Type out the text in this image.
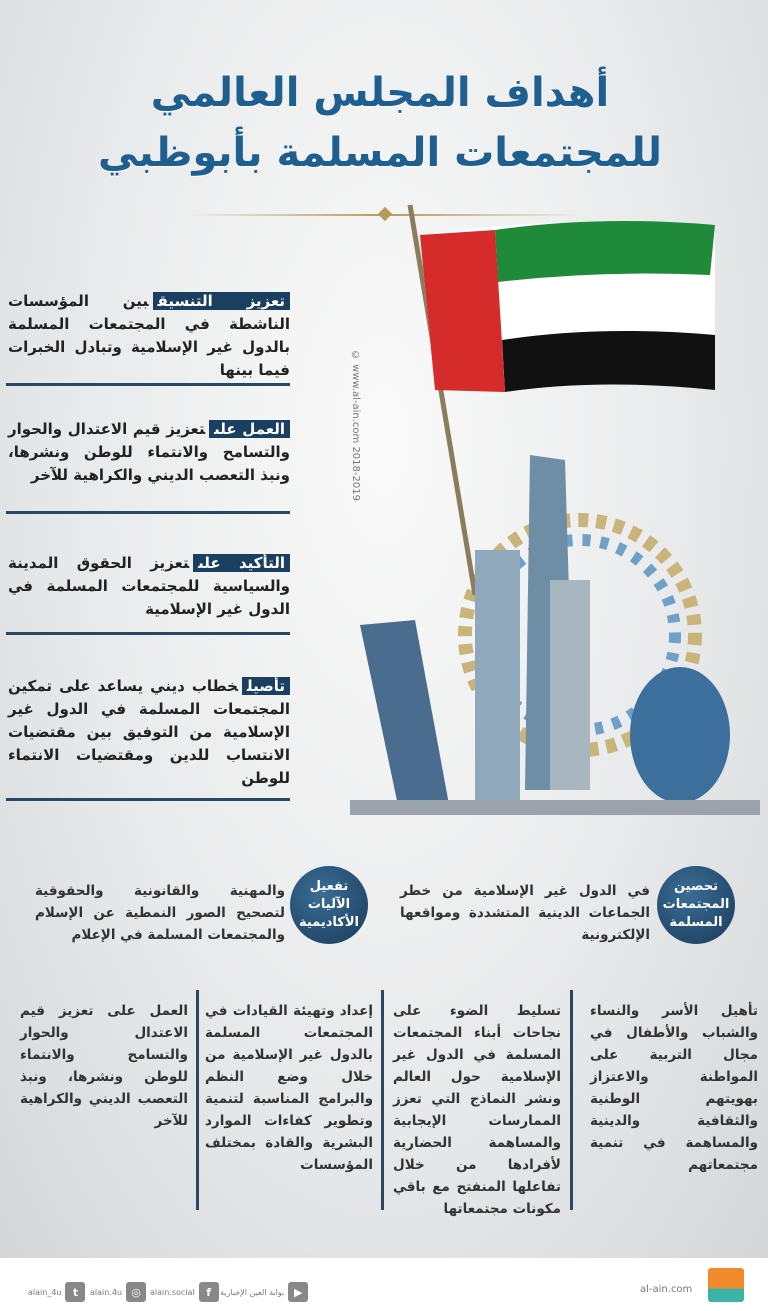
أهداف المجلس العالمي
للمجتمعات المسلمة بأبوظبي
© www.al-ain.com 2018-2019
تعزيز التنسيقبين المؤسسات الناشطة في المجتمعات المسلمة بالدول غير الإسلامية وتبادل الخبرات فيما بينها
العمل علىتعزيز قيم الاعتدال والحوار والتسامح والانتماء للوطن ونشرها، ونبذ التعصب الديني والكراهية للآخر
التأكيد علىتعزيز الحقوق المدينة والسياسية للمجتمعات المسلمة في الدول غير الإسلامية
تأصيلخطاب ديني يساعد على تمكين المجتمعات المسلمة في الدول غير الإسلامية من التوفيق بين مقتضيات الانتساب للدين ومقتضيات الانتماء للوطن
تحصين المجتمعات المسلمة
في الدول غير الإسلامية من خطر الجماعات الدينية المتشددة ومواقعها الإلكترونية
تفعيل الآليات الأكاديمية
والمهنية والقانونية والحقوقية لتصحيح الصور النمطية عن الإسلام والمجتمعات المسلمة في الإعلام
تأهيل الأسر والنساء والشباب والأطفال في مجال التربية على المواطنة والاعتزاز بهويتهم الوطنية والثقافية والدينية والمساهمة في تنمية مجتمعاتهم
تسليط الضوء على نجاحات أبناء المجتمعات المسلمة في الدول غير الإسلامية حول العالم ونشر النماذج التي تعزز الممارسات الإيجابية والمساهمة الحضارية لأفرادها من خلال تفاعلها المنفتح مع باقي مكونات مجتمعاتها
إعداد وتهيئة القيادات في المجتمعات المسلمة بالدول غير الإسلامية من خلال وضع النظم والبرامج المناسبة لتنمية وتطوير كفاءات الموارد البشرية والقادة بمختلف المؤسسات
العمل على تعزيز قيم الاعتدال والحوار والتسامح والانتماء للوطن ونشرها، ونبذ التعصب الديني والكراهية للآخر
t
alain_4u	◎
alain.4u	f
alain.social	▶
بوابة العين الإخبارية	al-ain.com
